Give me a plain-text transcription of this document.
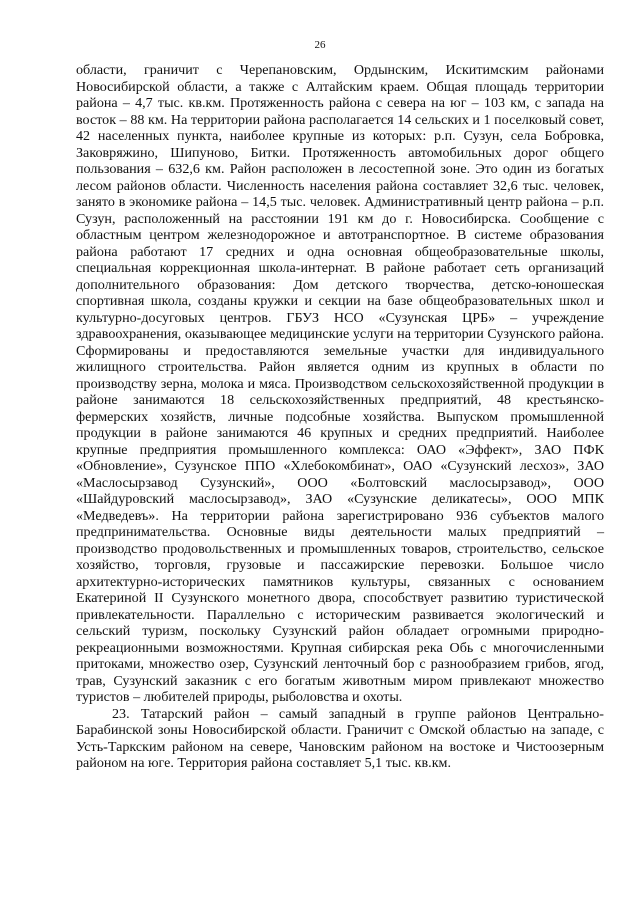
26

области, граничит с Черепановским, Ордынским, Искитимским районами Новосибирской области, а также с Алтайским краем. Общая площадь территории района – 4,7 тыс. кв.км. Протяженность района с севера на юг – 103 км, с запада на восток – 88 км. На территории района располагается 14 сельских и 1 поселковый совет, 42 населенных пункта, наиболее крупные из которых: р.п. Сузун, села Бобровка, Заковряжино, Шипуново, Битки. Протяженность автомобильных дорог общего пользования – 632,6 км. Район расположен в лесостепной зоне. Это один из богатых лесом районов области. Численность населения района составляет 32,6 тыс. человек, занято в экономике района – 14,5 тыс. человек. Административный центр района – р.п. Сузун, расположенный на расстоянии 191 км до г. Новосибирска. Сообщение с областным центром железнодорожное и автотранспортное. В системе образования района работают 17 средних и одна основная общеобразовательные школы, специальная коррекционная школа-интернат. В районе работает сеть организаций дополнительного образования: Дом детского творчества, детско-юношеская спортивная школа, созданы кружки и секции на базе общеобразовательных школ и культурно-досуговых центров. ГБУЗ НСО «Сузунская ЦРБ» – учреждение здравоохранения, оказывающее медицинские услуги на территории Сузунского района. Сформированы и предоставляются земельные участки для индивидуального жилищного строительства. Район является одним из крупных в области по производству зерна, молока и мяса. Производством сельскохозяйственной продукции в районе занимаются 18 сельскохозяйственных предприятий, 48 крестьянско-фермерских хозяйств, личные подсобные хозяйства. Выпуском промышленной продукции в районе занимаются 46 крупных и средних предприятий. Наиболее крупные предприятия промышленного комплекса: ОАО «Эффект», ЗАО ПФК «Обновление», Сузунское ППО «Хлебокомбинат», ОАО «Сузунский лесхоз», ЗАО «Маслосырзавод Сузунский», ООО «Болтовский маслосырзавод», ООО «Шайдуровский маслосырзавод», ЗАО «Сузунские деликатесы», ООО МПК «Медведевъ». На территории района зарегистрировано 936 субъектов малого предпринимательства. Основные виды деятельности малых предприятий – производство продовольственных и промышленных товаров, строительство, сельское хозяйство, торговля, грузовые и пассажирские перевозки. Большое число архитектурно-исторических памятников культуры, связанных с основанием Екатериной II Сузунского монетного двора, способствует развитию туристической привлекательности. Параллельно с историческим развивается экологический и сельский туризм, поскольку Сузунский район обладает огромными природно-рекреационными возможностями. Крупная сибирская река Обь с многочисленными притоками, множество озер, Сузунский ленточный бор с разнообразием грибов, ягод, трав, Сузунский заказник с его богатым животным миром привлекают множество туристов – любителей природы, рыболовства и охоты.

23. Татарский район – самый западный в группе районов Центрально-Барабинской зоны Новосибирской области. Граничит с Омской областью на западе, с Усть-Таркским районом на севере, Чановским районом на востоке и Чистоозерным районом на юге. Территория района составляет 5,1 тыс. кв.км.
